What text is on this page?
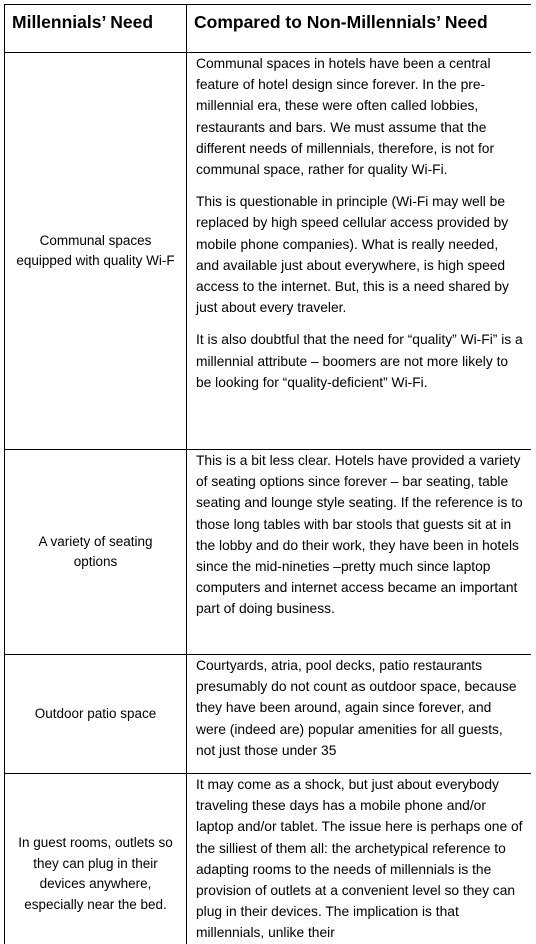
Millennials’ Need	Compared to Non-Millennials’ Need
Communal spaces equipped with quality Wi-F	Communal spaces in hotels have been a central feature of hotel design since forever. In the pre-millennial era, these were often called lobbies, restaurants and bars. We must assume that the different needs of millennials, therefore, is not for communal space, rather for quality Wi-Fi.

This is questionable in principle (Wi-Fi may well be replaced by high speed cellular access provided by mobile phone companies). What is really needed, and available just about everywhere, is high speed access to the internet. But, this is a need shared by just about every traveler.

It is also doubtful that the need for “quality” Wi-Fi” is a millennial attribute – boomers are not more likely to be looking for “quality-deficient” Wi-Fi.

A variety of seating options	This is a bit less clear. Hotels have provided a variety of seating options since forever – bar seating, table seating and lounge style seating. If the reference is to those long tables with bar stools that guests sit at in the lobby and do their work, they have been in hotels since the mid-nineties –pretty much since laptop computers and internet access became an important part of doing business.

Outdoor patio space	Courtyards, atria, pool decks, patio restaurants presumably do not count as outdoor space, because they have been around, again since forever, and were (indeed are) popular amenities for all guests, not just those under 35

In guest rooms, outlets so they can plug in their devices anywhere, especially near the bed.	It may come as a shock, but just about everybody traveling these days has a mobile phone and/or laptop and/or tablet. The issue here is perhaps one of the silliest of them all: the archetypical reference to adapting rooms to the needs of millennials is the provision of outlets at a convenient level so they can plug in their devices. The implication is that millennials, unlike their
